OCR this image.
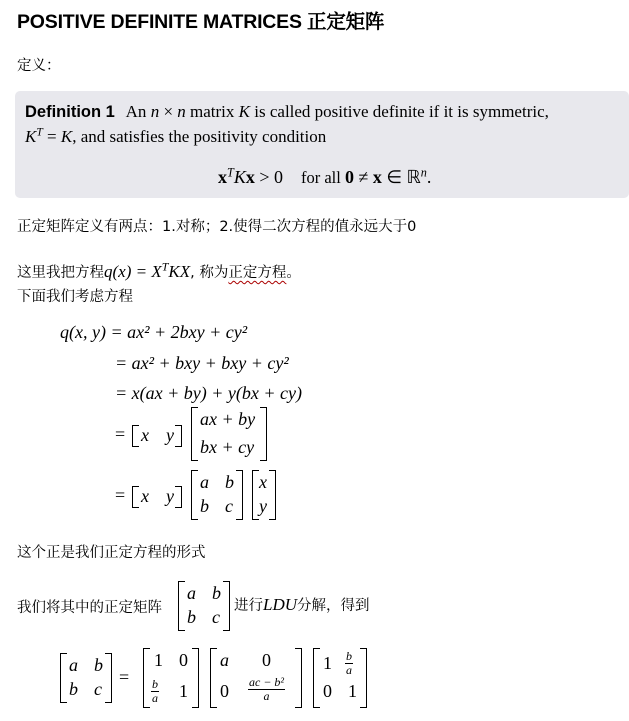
POSITIVE DEFINITE MATRICES 正定矩阵
定义：
Definition 1 An n × n matrix K is called positive definite if it is symmetric,
$K^T = K$, and satisfies the positivity condition
$x^TKx > 0$ for all 0 ≠ x ∈ ℝ$^n$.
正定矩阵定义有两点：1.对称；2.使得二次方程的值永远大于0
这里我把方程$q(x) = X^TKX$, 称为正定方程。
下面我们考虑方程
q(x, y) = ax² + 2bxy + cy²
= ax² + bxy + bxy + cy²
= x(ax + by) + y(bx + cy)
= x y
ax + by
bx + cy
= x y
a b
b c
x
y
这个正是我们正定方程的形式
我们将其中的正定矩阵
a b
b c
进行LDU分解，得到
a b
b c
=
1 0
$\frac{b}{a} 1$
a 0
$0 \frac{\text{ac − b²}}{a}$
$1 \frac{b}{a}$
0 1
